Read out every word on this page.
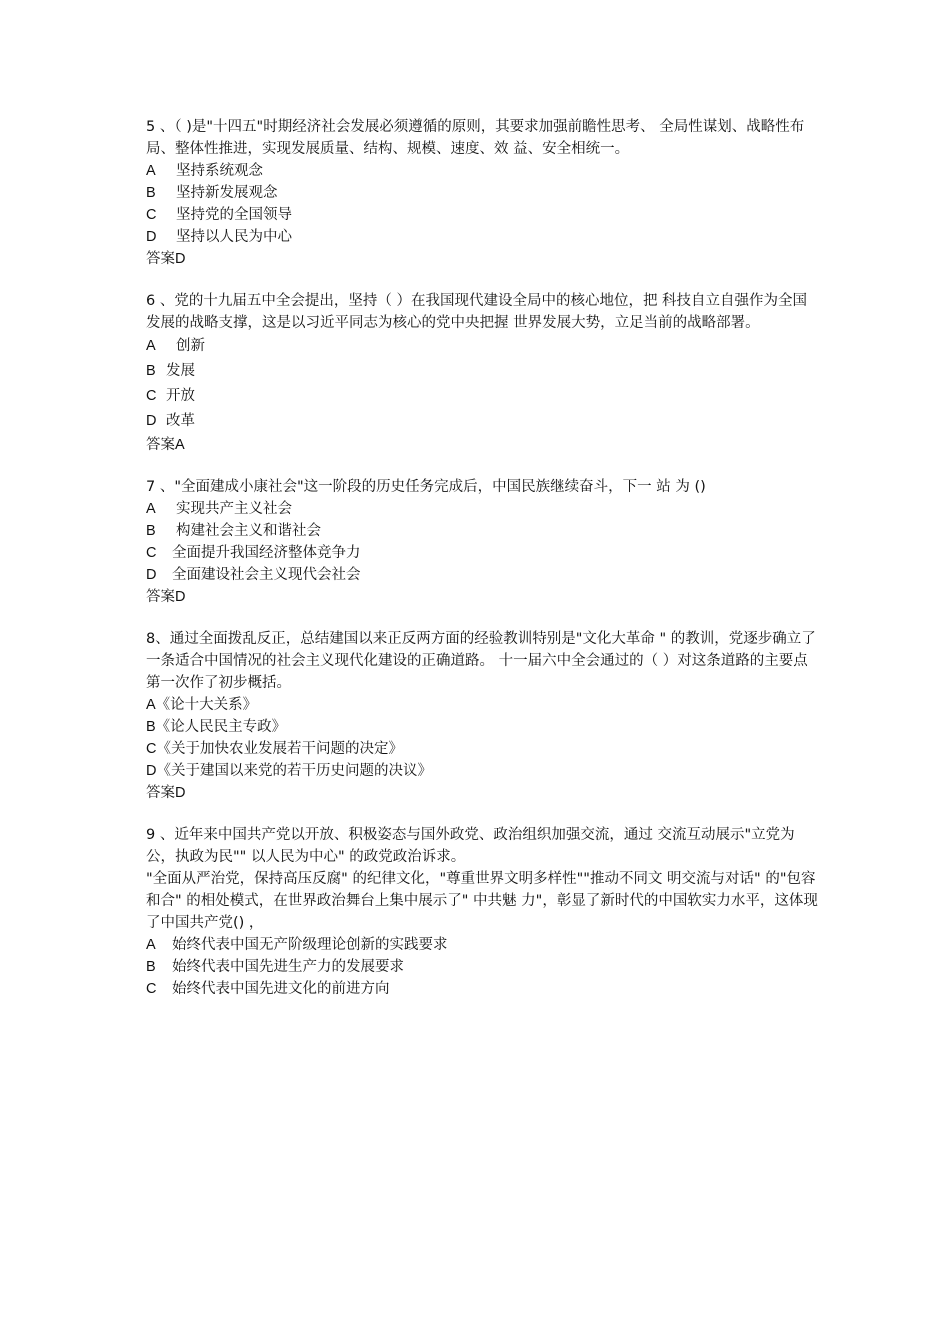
5 、（ )是"十四五"时期经济社会发展必须遵循的原则，其要求加强前瞻性思考、 全局性谋划、战略性布局、整体性推进，实现发展质量、结构、规模、速度、效 益、安全相统一。

A	坚持系统观念
B	坚持新发展观念
C	坚持党的全国领导
D	坚持以人民为中心
答案D

6 、党的十九届五中全会提出，坚持（ ）在我国现代建设全局中的核心地位，把 科技自立自强作为全国发展的战略支撑，这是以习近平同志为核心的党中央把握 世界发展大势，立足当前的战略部署。

A	创新
B 发展
C 开放
D 改革
答案A

7 、"全面建成小康社会"这一阶段的历史任务完成后，中国民族继续奋斗，下一 站 为 ()

A	实现共产主义社会
B	构建社会主义和谐社会
C	全面提升我国经济整体竞争力
D	全面建设社会主义现代会社会
答案D

8、通过全面拨乱反正，总结建国以来正反两方面的经验教训特别是"文化大革命 " 的教训，党逐步确立了一条适合中国情况的社会主义现代化建设的正确道路。 十一届六中全会通过的（ ）对这条道路的主要点第一次作了初步概括。

A 《论十大关系》
B 《论人民民主专政》
C 《关于加快农业发展若干问题的决定》
D 《关于建国以来党的若干历史问题的决议》
答案D

9 、近年来中国共产党以开放、积极姿态与国外政党、政治组织加强交流，通过 交流互动展示"立党为公，执政为民"" 以人民为中心" 的政党政治诉求。

"全面从严治党，保持高压反腐" 的纪律文化，"尊重世界文明多样性""推动不同文 明交流与对话" 的"包容和合" 的相处模式，在世界政治舞台上集中展示了" 中共魅 力"，彰显了新时代的中国软实力水平，这体现了中国共产党() ，

A	始终代表中国无产阶级理论创新的实践要求
B	始终代表中国先进生产力的发展要求
C	始终代表中国先进文化的前进方向
